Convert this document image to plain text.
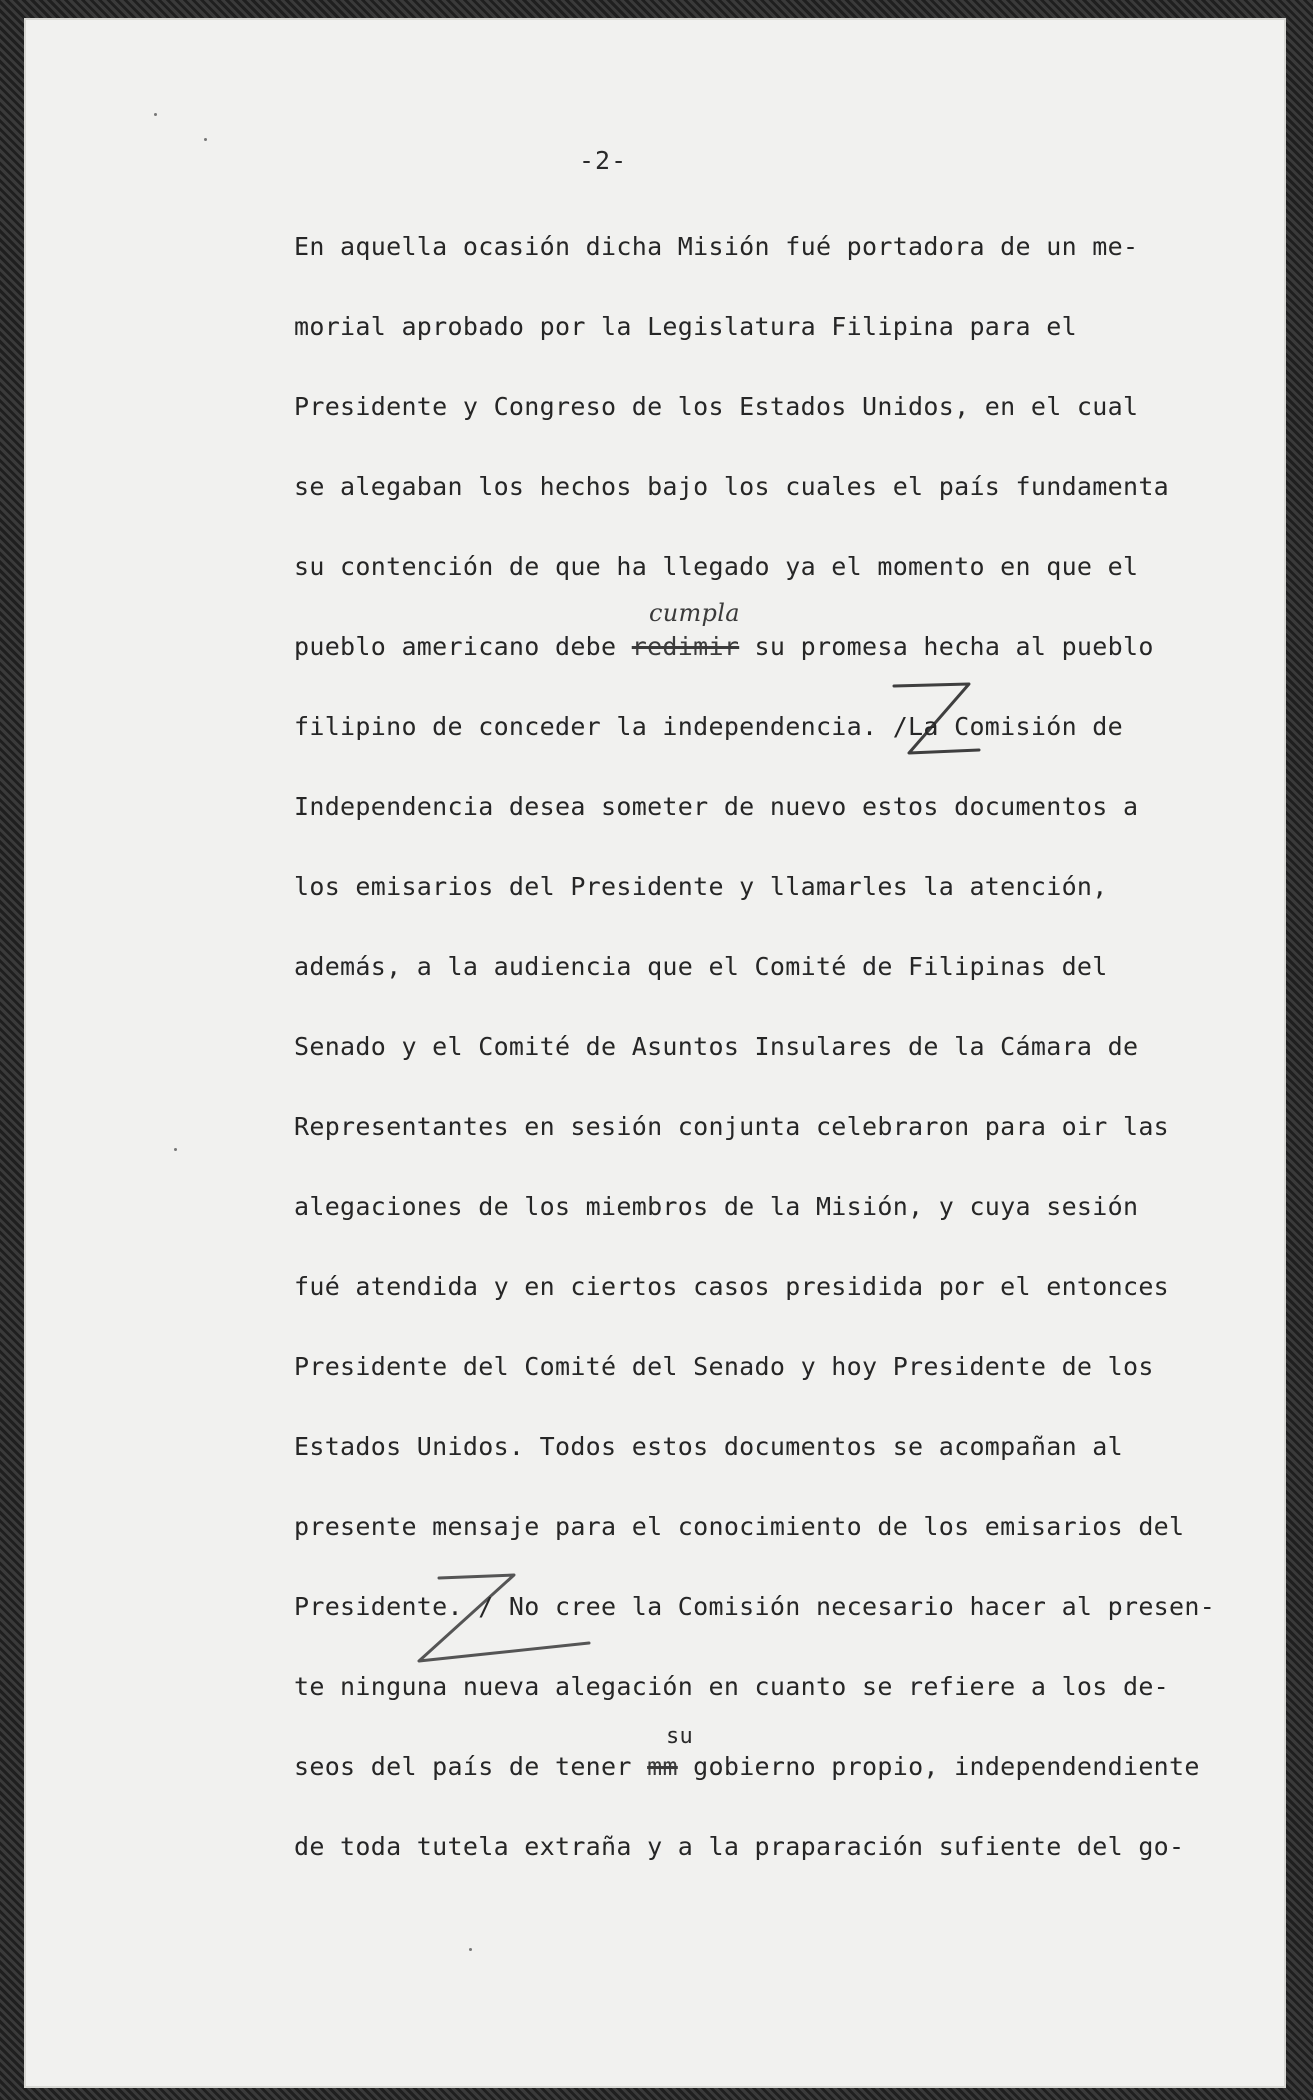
-2-
En aquella ocasión dicha Misión fué portadora de un me-
morial aprobado por la Legislatura Filipina para el
Presidente y Congreso de los Estados Unidos, en el cual
se alegaban los hechos bajo los cuales el país fundamenta
su contención de que ha llegado ya el momento en que el
pueblo americano debe redimir su promesa hecha al pueblo
cumpla
filipino de conceder la independencia. /La Comisión de
Independencia desea someter de nuevo estos documentos a
los emisarios del Presidente y llamarles la atención,
además, a la audiencia que el Comité de Filipinas del
Senado y el Comité de Asuntos Insulares de la Cámara de
Representantes en sesión conjunta celebraron para oir las
alegaciones de los miembros de la Misión, y cuya sesión
fué atendida y en ciertos casos presidida por el entonces
Presidente del Comité del Senado y hoy Presidente de los
Estados Unidos. Todos estos documentos se acompañan al
presente mensaje para el conocimiento de los emisarios del
Presidente. / No cree la Comisión necesario hacer al presen-
te ninguna nueva alegación en cuanto se refiere a los de-
seos del país de tener mm gobierno propio, independendiente
su
de toda tutela extraña y a la praparación sufiente del go-
